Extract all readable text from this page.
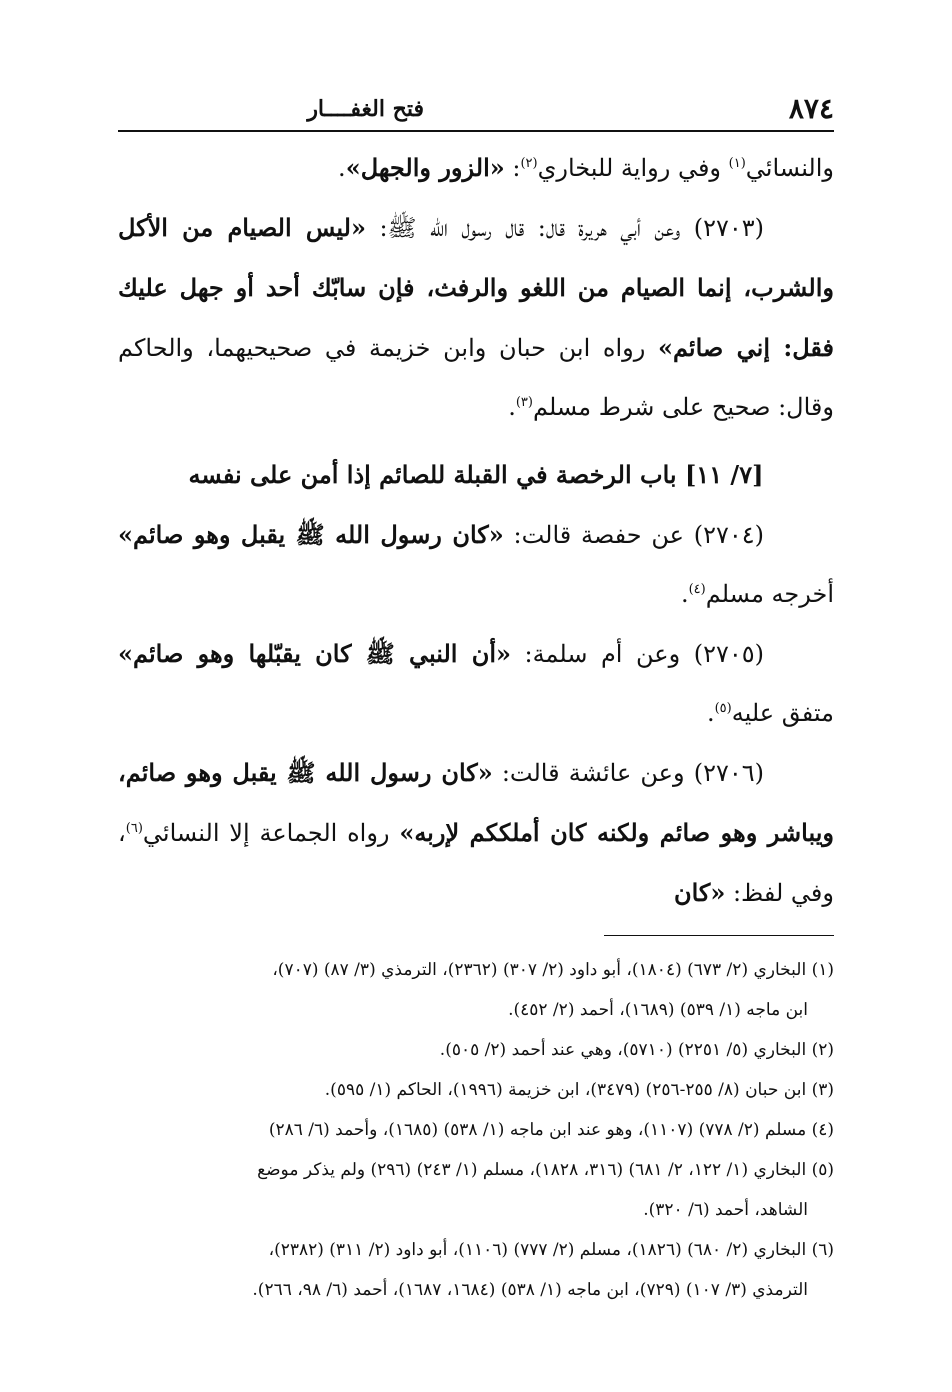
٨٧٤
فتح الغفــــار

والنسائي$^{(١)}$ وفي رواية للبخاري$^{(٢)}$: «الزور والجهل».

(٢٧٠٣) وعن أبي هريرة قال: قال رسول الله ﷺ: «ليس الصيام من الأكل والشرب، إنما الصيام من اللغو والرفث، فإن سابّك أحد أو جهل عليك فقل: إني صائم» رواه ابن حبان وابن خزيمة في صحيحيهما، والحاكم وقال: صحيح على شرط مسلم$^{(٣)}$.

[٧/ ١١] باب الرخصة في القبلة للصائم إذا أمن على نفسه

(٢٧٠٤) عن حفصة قالت: «كان رسول الله ﷺ يقبل وهو صائم» أخرجه مسلم$^{(٤)}$.

(٢٧٠٥) وعن أم سلمة: «أن النبي ﷺ كان يقبّلها وهو صائم» متفق عليه$^{(٥)}$.

(٢٧٠٦) وعن عائشة قالت: «كان رسول الله ﷺ يقبل وهو صائم، ويباشر وهو صائم ولكنه كان أملككم لإربه» رواه الجماعة إلا النسائي$^{(٦)}$، وفي لفظ: «كان

(١) البخاري (٢/ ٦٧٣) (١٨٠٤)، أبو داود (٢/ ٣٠٧) (٢٣٦٢)، الترمذي (٣/ ٨٧) (٧٠٧)،

ابن ماجه (١/ ٥٣٩) (١٦٨٩)، أحمد (٢/ ٤٥٢).

(٢) البخاري (٥/ ٢٢٥١) (٥٧١٠)، وهي عند أحمد (٢/ ٥٠٥).

(٣) ابن حبان (٨/ ٢٥٥-٢٥٦) (٣٤٧٩)، ابن خزيمة (١٩٩٦)، الحاكم (١/ ٥٩٥).

(٤) مسلم (٢/ ٧٧٨) (١١٠٧)، وهو عند ابن ماجه (١/ ٥٣٨) (١٦٨٥)، وأحمد (٦/ ٢٨٦)

(٥) البخاري (١/ ١٢٢، ٢/ ٦٨١) (٣١٦، ١٨٢٨)، مسلم (١/ ٢٤٣) (٢٩٦) ولم يذكر موضع

الشاهد، أحمد (٦/ ٣٢٠).

(٦) البخاري (٢/ ٦٨٠) (١٨٢٦)، مسلم (٢/ ٧٧٧) (١١٠٦)، أبو داود (٢/ ٣١١) (٢٣٨٢)،

الترمذي (٣/ ١٠٧) (٧٢٩)، ابن ماجه (١/ ٥٣٨) (١٦٨٤، ١٦٨٧)، أحمد (٦/ ٩٨، ٢٦٦).
